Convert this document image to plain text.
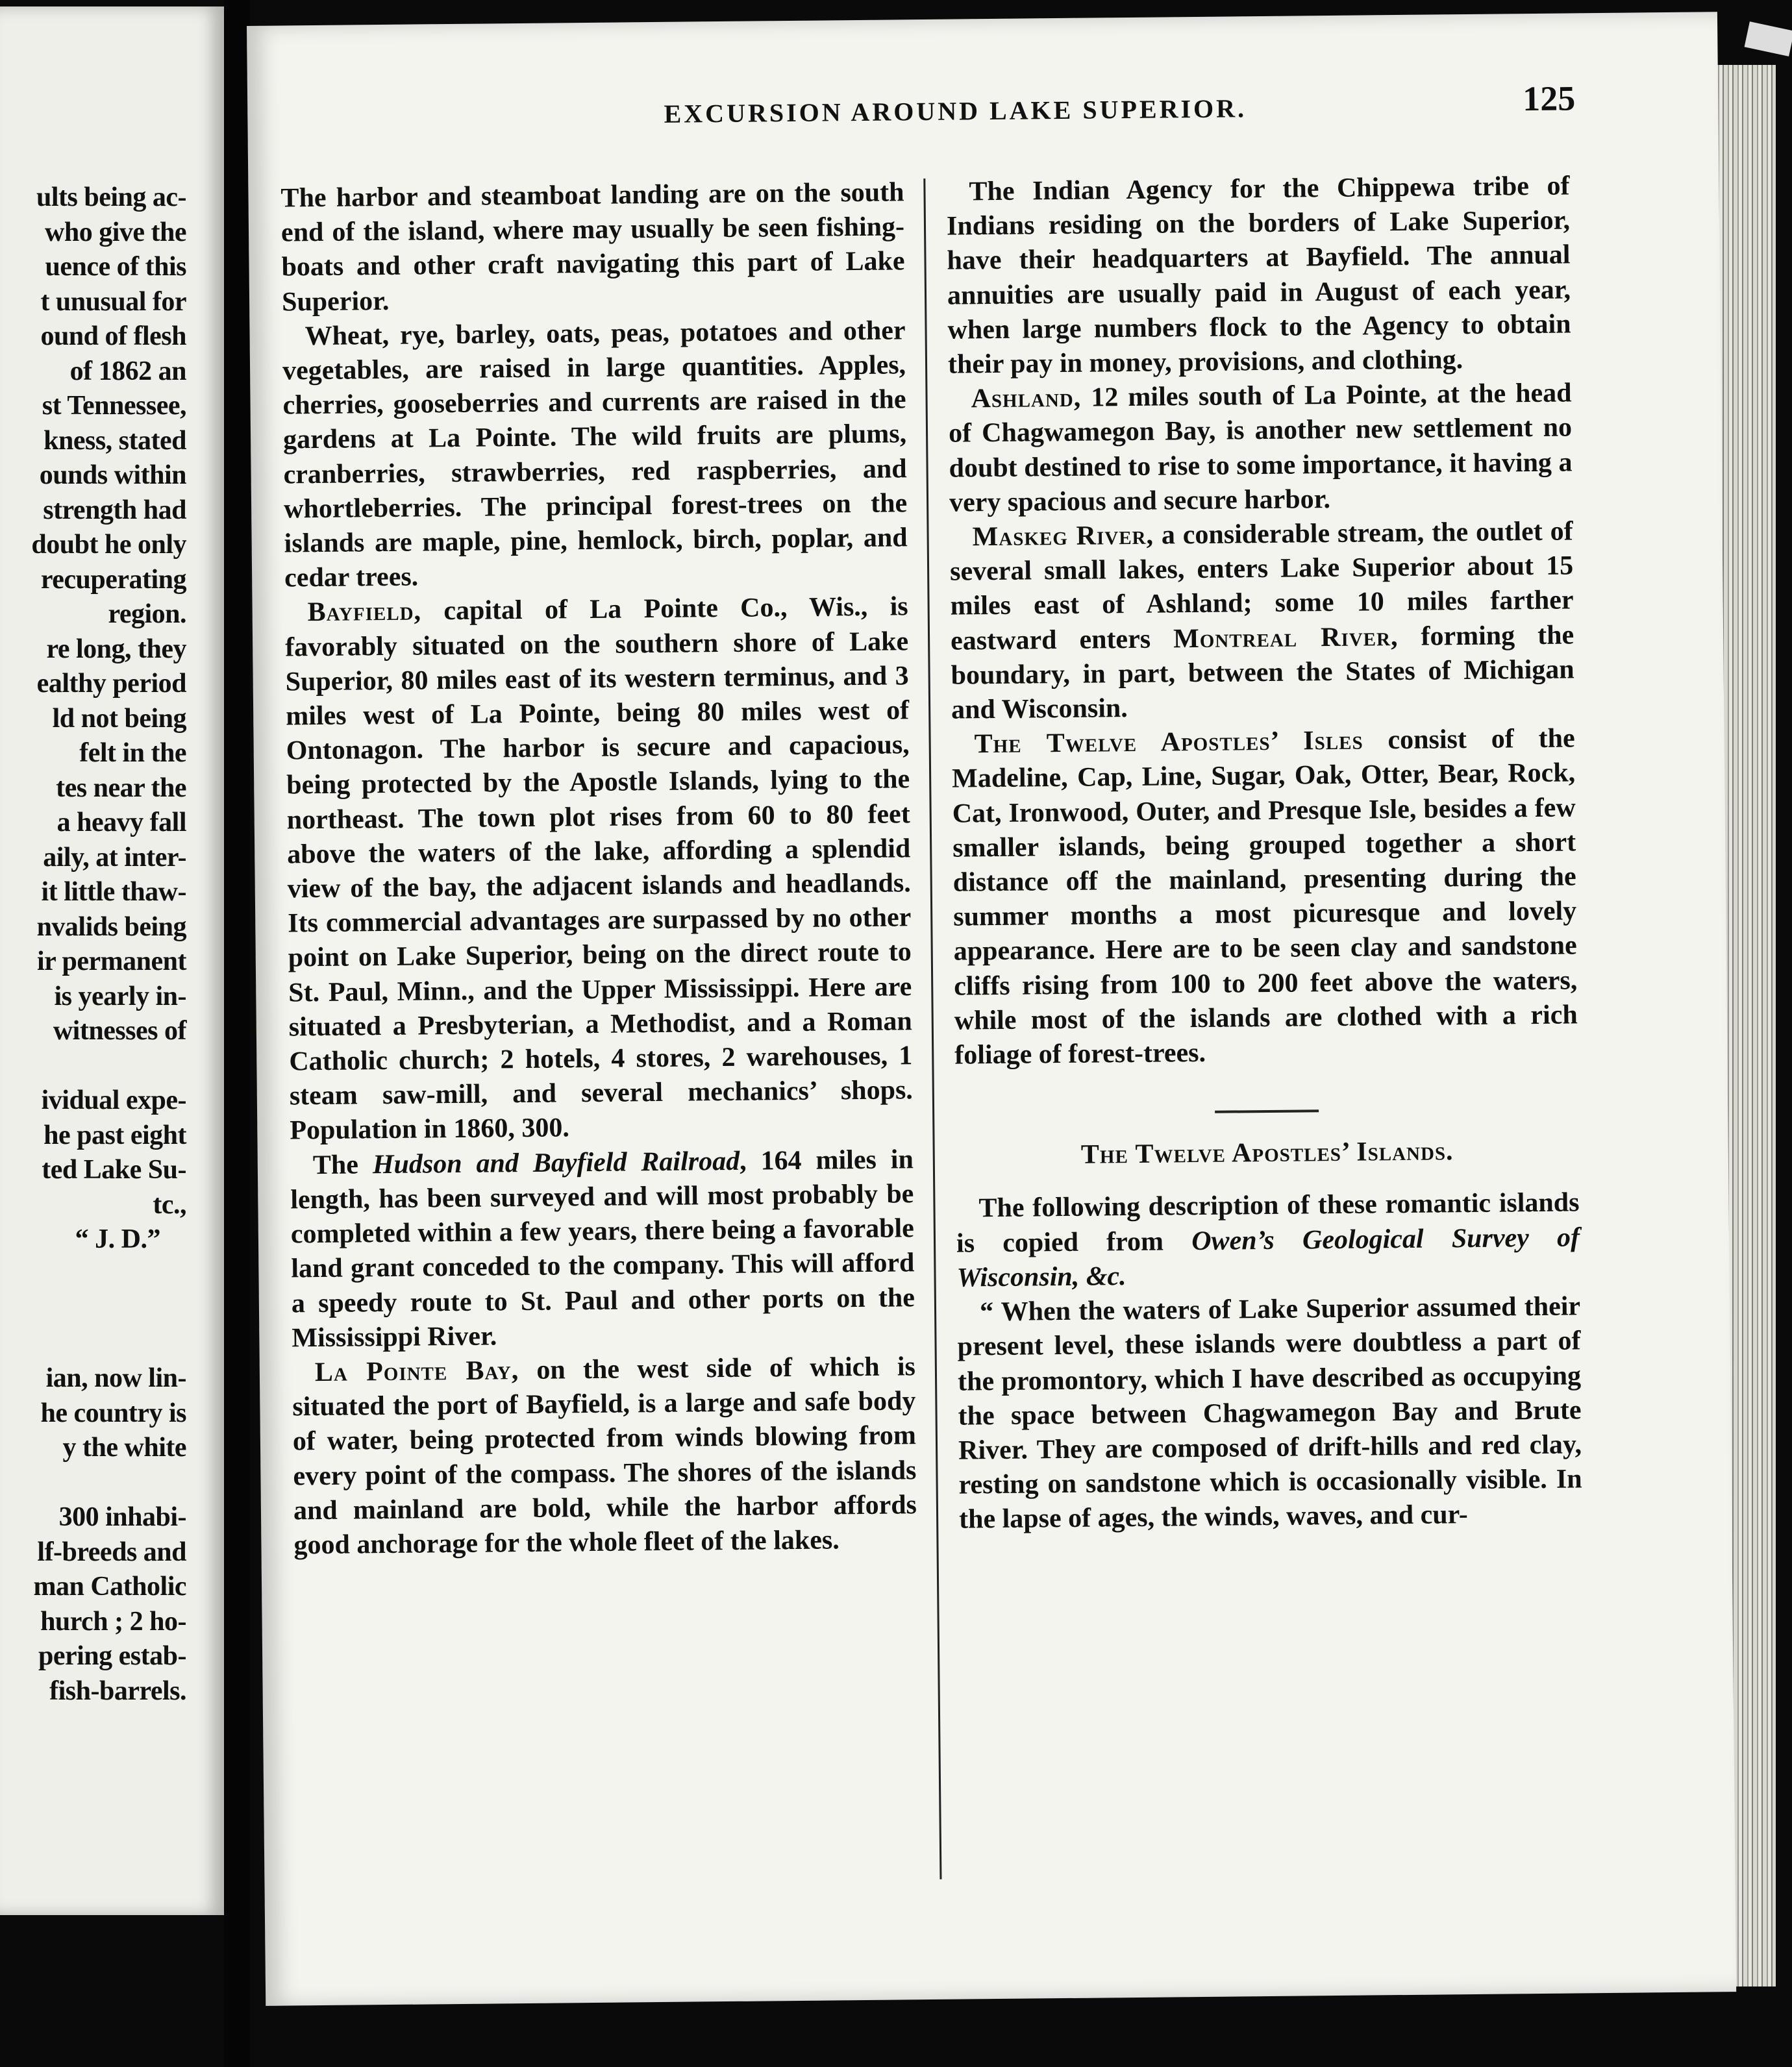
ults being ac-
who give the
uence of this
t unusual for
ound of flesh
of 1862 an
st Tennessee,
kness, stated
ounds within
strength had
doubt he only
recuperating
region.
re long, they
ealthy period
ld not being
felt in the
tes near the
a heavy fall
aily, at inter-
it little thaw-
nvalids being
ir permanent
is yearly in-
witnesses of
ividual expe-
he past eight
ted Lake Su-
tc.,
“ J. D.”
ian, now lin-
he country is
y the white
300 inhabi-
lf-breeds and
man Catholic
hurch ; 2 ho-
pering estab-
fish-barrels.
EXCURSION AROUND LAKE SUPERIOR.	125

The harbor and steamboat landing are on the south end of the island, where may usually be seen fishing-boats and other craft navigating this part of Lake Superior.

Wheat, rye, barley, oats, peas, potatoes and other vegetables, are raised in large quantities. Apples, cherries, gooseberries and currents are raised in the gardens at La Pointe. The wild fruits are plums, cranberries, strawberries, red raspberries, and whortleberries. The principal forest-trees on the islands are maple, pine, hemlock, birch, poplar, and cedar trees.

Bayfield, capital of La Pointe Co., Wis., is favorably situated on the southern shore of Lake Superior, 80 miles east of its western terminus, and 3 miles west of La Pointe, being 80 miles west of Ontonagon. The harbor is secure and capacious, being protected by the Apostle Islands, lying to the northeast. The town plot rises from 60 to 80 feet above the waters of the lake, affording a splendid view of the bay, the adjacent islands and headlands. Its commercial advantages are surpassed by no other point on Lake Superior, being on the direct route to St. Paul, Minn., and the Upper Mississippi. Here are situated a Presbyterian, a Methodist, and a Roman Catholic church; 2 hotels, 4 stores, 2 warehouses, 1 steam saw-mill, and several mechanics’ shops. Population in 1860, 300.

The Hudson and Bayfield Railroad, 164 miles in length, has been surveyed and will most probably be completed within a few years, there being a favorable land grant conceded to the company. This will afford a speedy route to St. Paul and other ports on the Mississippi River.

La Pointe Bay, on the west side of which is situated the port of Bayfield, is a large and safe body of water, being protected from winds blowing from every point of the compass. The shores of the islands and mainland are bold, while the harbor affords good anchorage for the whole fleet of the lakes.

The Indian Agency for the Chippewa tribe of Indians residing on the borders of Lake Superior, have their headquarters at Bayfield. The annual annuities are usually paid in August of each year, when large numbers flock to the Agency to obtain their pay in money, provisions, and clothing.

Ashland, 12 miles south of La Pointe, at the head of Chagwamegon Bay, is another new settlement no doubt destined to rise to some importance, it having a very spacious and secure harbor.

Maskeg River, a considerable stream, the outlet of several small lakes, enters Lake Superior about 15 miles east of Ashland; some 10 miles farther eastward enters Montreal River, forming the boundary, in part, between the States of Michigan and Wisconsin.

The Twelve Apostles’ Isles consist of the Madeline, Cap, Line, Sugar, Oak, Otter, Bear, Rock, Cat, Ironwood, Outer, and Presque Isle, besides a few smaller islands, being grouped together a short distance off the mainland, presenting during the summer months a most picuresque and lovely appearance. Here are to be seen clay and sandstone cliffs rising from 100 to 200 feet above the waters, while most of the islands are clothed with a rich foliage of forest-trees.

The Twelve Apostles’ Islands.

The following description of these romantic islands is copied from Owen’s Geological Survey of Wisconsin, &c.

“ When the waters of Lake Superior assumed their present level, these islands were doubtless a part of the promontory, which I have described as occupying the space between Chagwamegon Bay and Brute River. They are composed of drift-hills and red clay, resting on sandstone which is occasionally visible. In the lapse of ages, the winds, waves, and cur-
